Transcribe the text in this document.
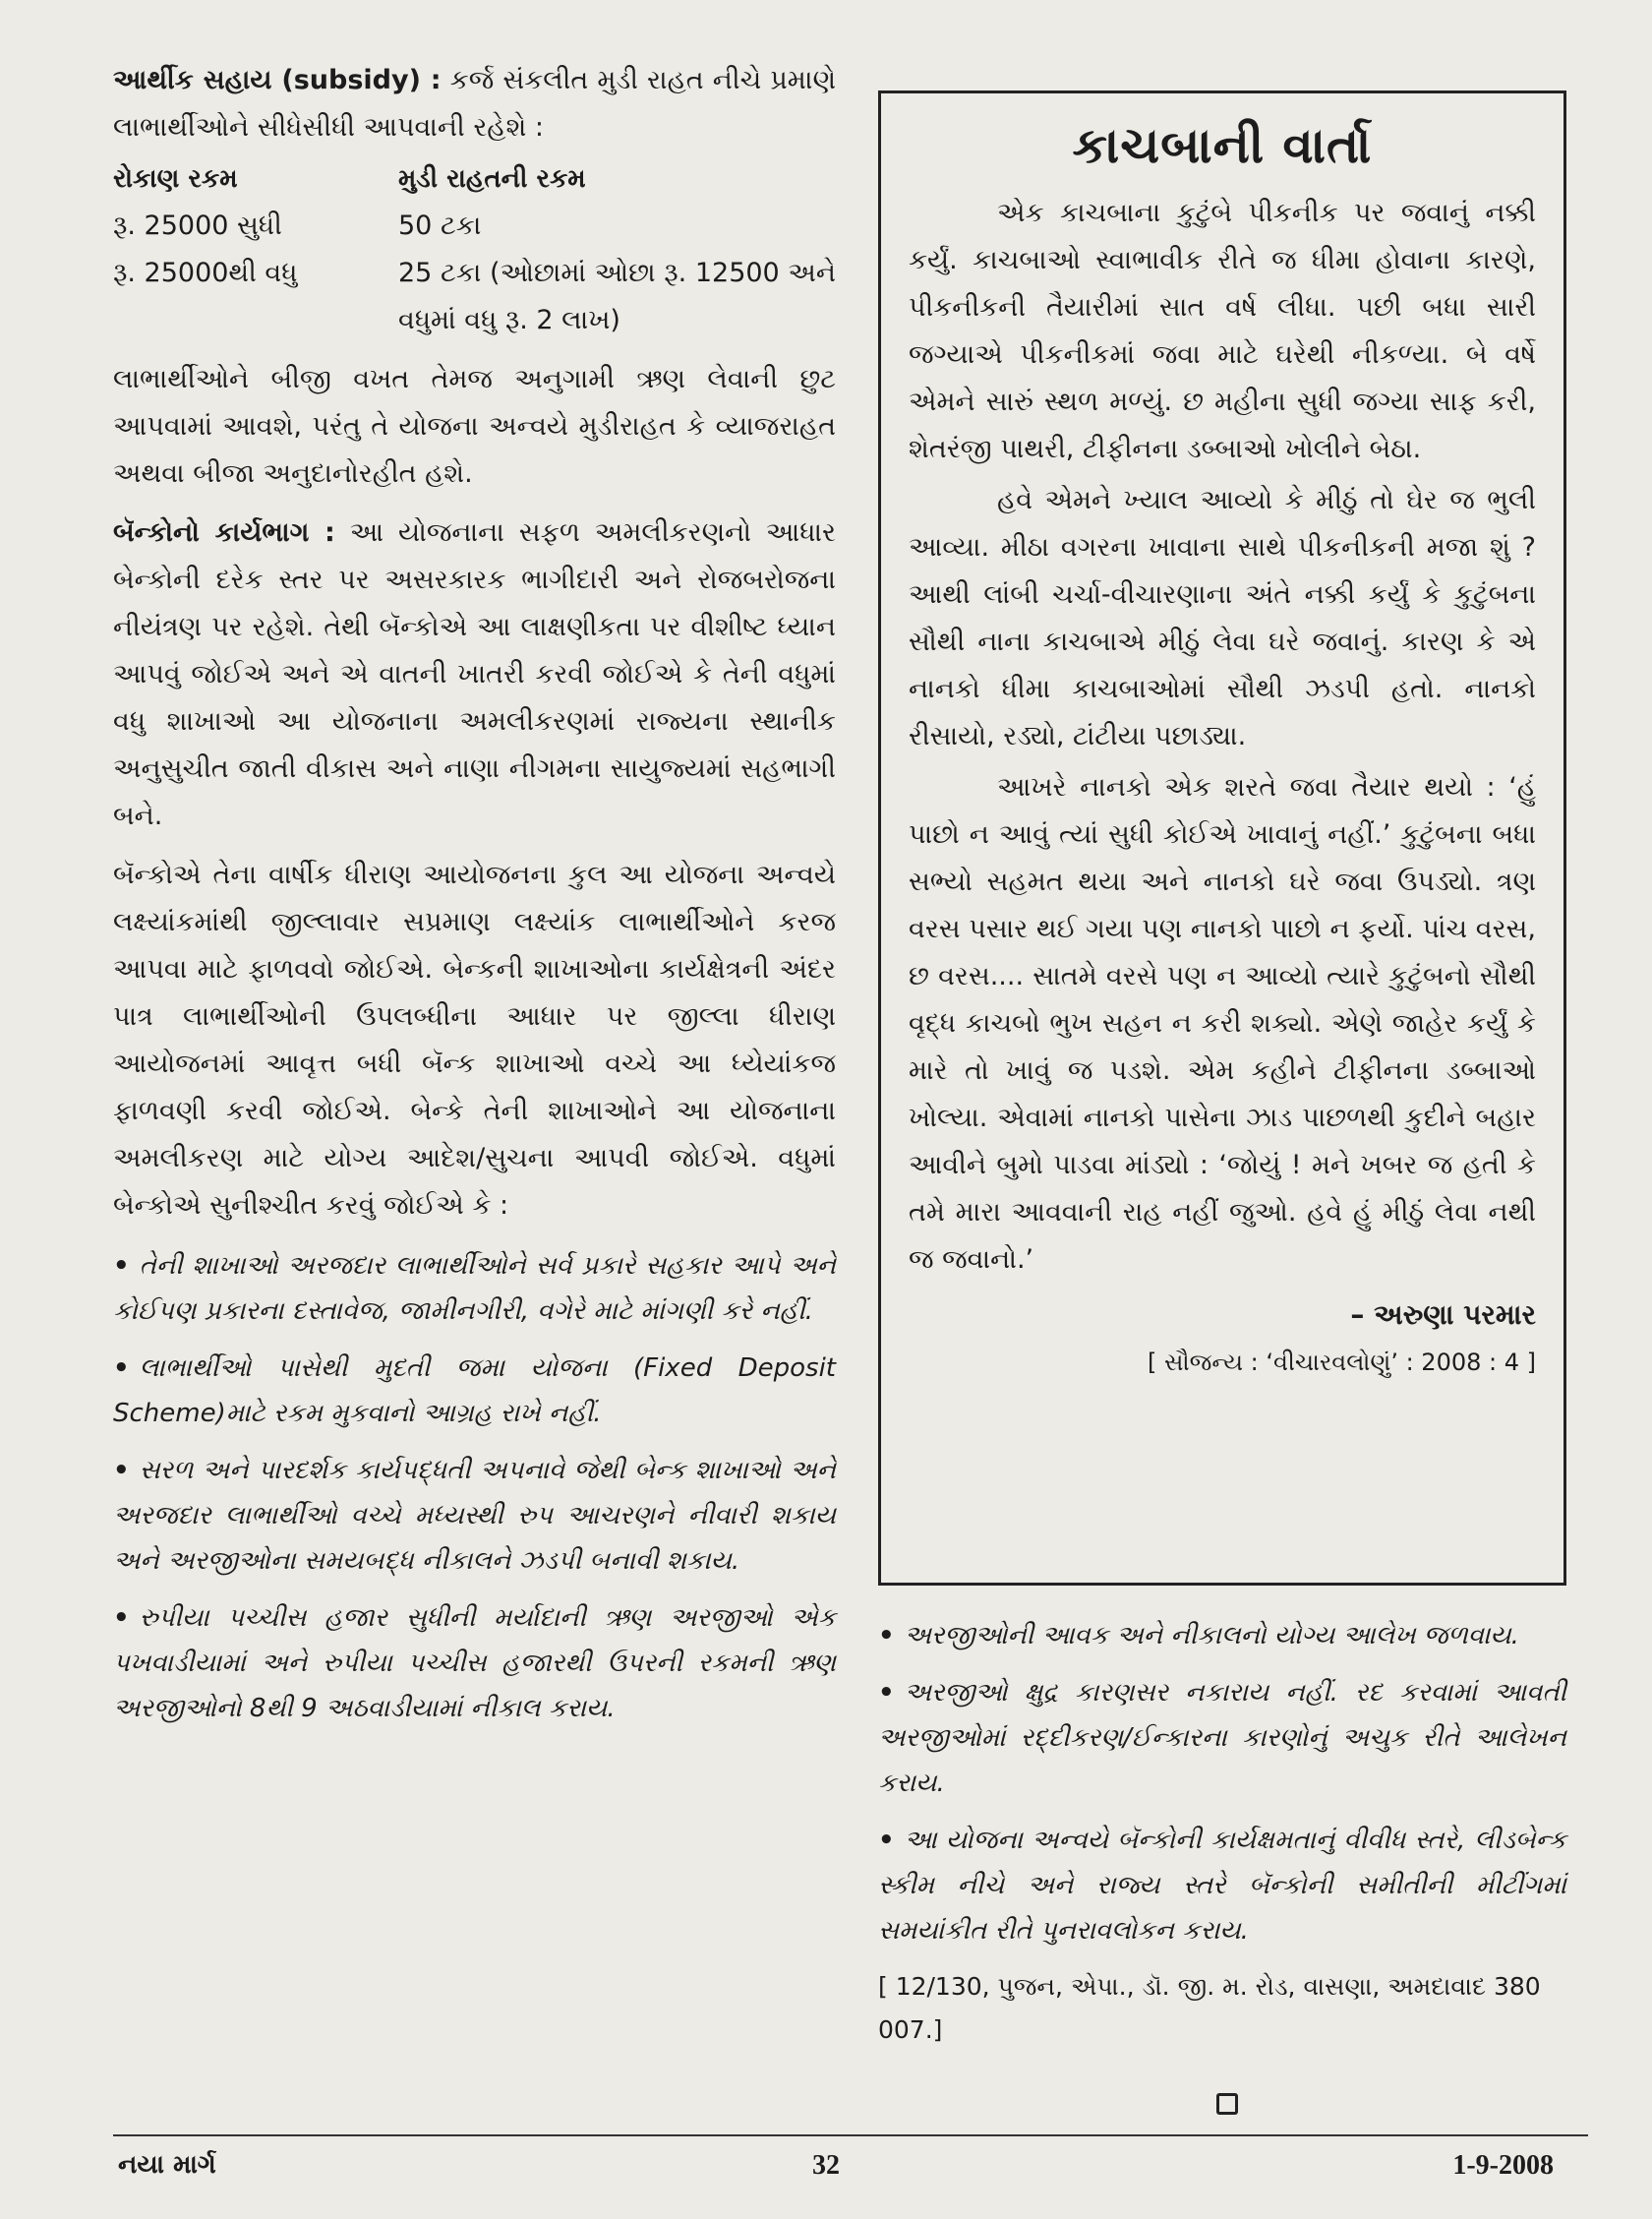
આર્થીક સહાય (subsidy) : કર્જ સંકલીત મુડી રાહત નીચે પ્રમાણે લાભાર્થીઓને સીધેસીધી આપવાની રહેશે :

રોકાણ રકમ	મુડી રાહતની રકમ
રૂ. 25000 સુધી	50 ટકા
રૂ. 25000થી વધુ	25 ટકા (ઓછામાં ઓછા રૂ. 12500 અને વધુમાં વધુ રૂ. 2 લાખ)

લાભાર્થીઓને બીજી વખત તેમજ અનુગામી ઋણ લેવાની છુટ આપવામાં આવશે, પરંતુ તે યોજના અન્વયે મુડીરાહત કે વ્યાજરાહત અથવા બીજા અનુદાનોરહીત હશે.

બૅન્કોનો કાર્યભાગ : આ યોજનાના સફળ અમલીકરણનો આધાર બેન્કોની દરેક સ્તર પર અસરકારક ભાગીદારી અને રોજબરોજના નીયંત્રણ પર રહેશે. તેથી બૅન્કોએ આ લાક્ષણીકતા પર વીશીષ્ટ ધ્યાન આપવું જોઈએ અને એ વાતની ખાતરી કરવી જોઈએ કે તેની વધુમાં વધુ શાખાઓ આ યોજનાના અમલીકરણમાં રાજ્યના સ્થાનીક અનુસુચીત જાતી વીકાસ અને નાણા નીગમના સાયુજ્યમાં સહભાગી બને.

બૅન્કોએ તેના વાર્ષીક ધીરાણ આયોજનના કુલ આ યોજના અન્વયે લક્ષ્યાંકમાંથી જીલ્લાવાર સપ્રમાણ લક્ષ્યાંક લાભાર્થીઓને કરજ આપવા માટે ફાળવવો જોઈએ. બેન્કની શાખાઓના કાર્યક્ષેત્રની અંદર પાત્ર લાભાર્થીઓની ઉપલબ્ધીના આધાર પર જીલ્લા ધીરાણ આયોજનમાં આવૃત્ત બધી બૅન્ક શાખાઓ વચ્ચે આ ધ્યેયાંકજ ફાળવણી કરવી જોઈએ. બેન્કે તેની શાખાઓને આ યોજનાના અમલીકરણ માટે યોગ્ય આદેશ/સુચના આપવી જોઈએ. વધુમાં બેન્કોએ સુનીશ્ચીત કરવું જોઈએ કે :

• તેની શાખાઓ અરજદાર લાભાર્થીઓને સર્વ પ્રકારે સહકાર આપે અને કોઈપણ પ્રકારના દસ્તાવેજ, જામીનગીરી, વગેરે માટે માંગણી કરે નહીં.
• લાભાર્થીઓ પાસેથી મુદતી જમા યોજના (Fixed Deposit Scheme)માટે રકમ મુકવાનો આગ્રહ રાખે નહીં.
• સરળ અને પારદર્શક કાર્યપદ્ધતી અપનાવે જેથી બેન્ક શાખાઓ અને અરજદાર લાભાર્થીઓ વચ્ચે મધ્યસ્થી રુપ આચરણને નીવારી શકાય અને અરજીઓના સમયબદ્ધ નીકાલને ઝડપી બનાવી શકાય.
• રુપીયા પચ્ચીસ હજાર સુધીની મર્યાદાની ઋણ અરજીઓ એક પખવાડીયામાં અને રુપીયા પચ્ચીસ હજારથી ઉપરની રકમની ઋણ અરજીઓનો 8થી 9 અઠવાડીયામાં નીકાલ કરાય.
કાચબાની વાર્તા

એક કાચબાના કુટુંબે પીકનીક પર જવાનું નક્કી કર્યું. કાચબાઓ સ્વાભાવીક રીતે જ ધીમા હોવાના કારણે, પીકનીકની તૈયારીમાં સાત વર્ષ લીધા. પછી બધા સારી જગ્યાએ પીકનીકમાં જવા માટે ઘરેથી નીકળ્યા. બે વર્ષે એમને સારું સ્થળ મળ્યું. છ મહીના સુધી જગ્યા સાફ કરી, શેતરંજી પાથરી, ટીફીનના ડબ્બાઓ ખોલીને બેઠા.

હવે એમને ખ્યાલ આવ્યો કે મીઠું તો ઘેર જ ભુલી આવ્યા. મીઠા વગરના ખાવાના સાથે પીકનીકની મજા શું ? આથી લાંબી ચર્ચા-વીચારણાના અંતે નક્કી કર્યું કે કુટુંબના સૌથી નાના કાચબાએ મીઠું લેવા ઘરે જવાનું. કારણ કે એ નાનકો ધીમા કાચબાઓમાં સૌથી ઝડપી હતો. નાનકો રીસાયો, રડ્યો, ટાંટીયા પછાડ્યા.

આખરે નાનકો એક શરતે જવા તૈયાર થયો : ‘હું પાછો ન આવું ત્યાં સુધી કોઈએ ખાવાનું નહીં.’ કુટુંબના બધા સભ્યો સહમત થયા અને નાનકો ઘરે જવા ઉપડ્યો. ત્રણ વરસ પસાર થઈ ગયા પણ નાનકો પાછો ન ફર્યો. પાંચ વરસ, છ વરસ.... સાતમે વરસે પણ ન આવ્યો ત્યારે કુટુંબનો સૌથી વૃદ્ધ કાચબો ભુખ સહન ન કરી શક્યો. એણે જાહેર કર્યું કે મારે તો ખાવું જ પડશે. એમ કહીને ટીફીનના ડબ્બાઓ ખોલ્યા. એવામાં નાનકો પાસેના ઝાડ પાછળથી કુદીને બહાર આવીને બુમો પાડવા માંડ્યો : ‘જોયું ! મને ખબર જ હતી કે તમે મારા આવવાની રાહ નહીં જુઓ. હવે હું મીઠું લેવા નથી જ જવાનો.’

– અરુણા પરમાર
[ સૌજન્ય : ‘વીચારવલોણું’ : 2008 : 4 ]
• અરજીઓની આવક અને નીકાલનો યોગ્ય આલેખ જળવાય.
• અરજીઓ ક્ષુદ્ર કારણસર નકારાય નહીં. રદ કરવામાં આવતી અરજીઓમાં રદ્દીકરણ/ઈન્કારના કારણોનું અચુક રીતે આલેખન કરાય.
• આ યોજના અન્વયે બૅન્કોની કાર્યક્ષમતાનું વીવીધ સ્તરે, લીડબેન્ક સ્કીમ નીચે અને રાજ્ય સ્તરે બૅન્કોની સમીતીની મીટીંગમાં સમયાંકીત રીતે પુનરાવલોકન કરાય.

[ 12/130, પુજન, એપા., ડૉ. જી. મ. રોડ, વાસણા, અમદાવાદ 380 007.]

નયા માર્ગ	32	1-9-2008
